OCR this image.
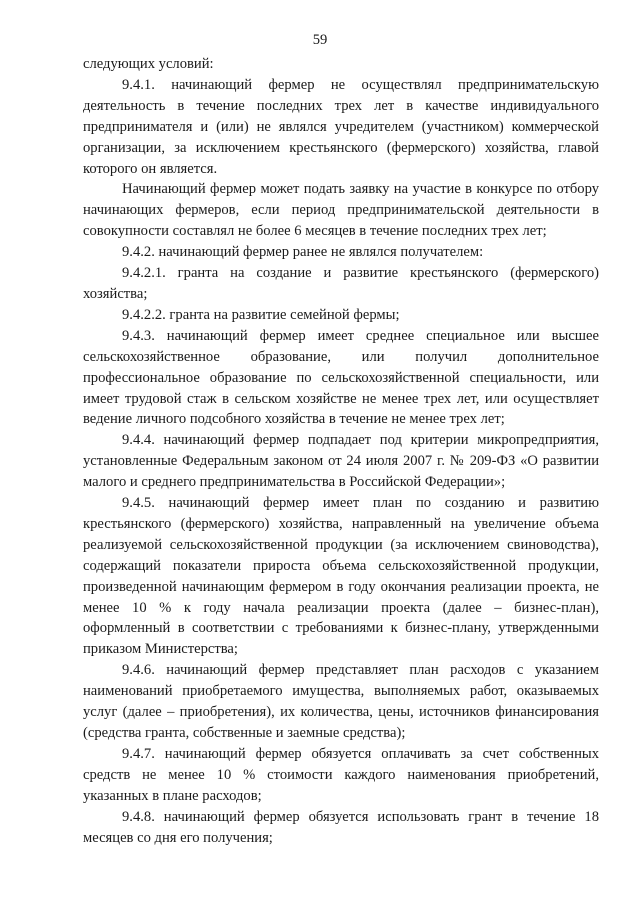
59

следующих условий:

9.4.1. начинающий фермер не осуществлял предпринимательскую деятельность в течение последних трех лет в качестве индивидуального предпринимателя и (или) не являлся учредителем (участником) коммерческой организации, за исключением крестьянского (фермерского) хозяйства, главой которого он является.

Начинающий фермер может подать заявку на участие в конкурсе по отбору начинающих фермеров, если период предпринимательской деятельности в совокупности составлял не более 6 месяцев в течение последних трех лет;

9.4.2. начинающий фермер ранее не являлся получателем:

9.4.2.1. гранта на создание и развитие крестьянского (фермерского) хозяйства;

9.4.2.2. гранта на развитие семейной фермы;

9.4.3. начинающий фермер имеет среднее специальное или высшее сельскохозяйственное образование, или получил дополнительное профессиональное образование по сельскохозяйственной специальности, или имеет трудовой стаж в сельском хозяйстве не менее трех лет, или осуществляет ведение личного подсобного хозяйства в течение не менее трех лет;

9.4.4. начинающий фермер подпадает под критерии микропредприятия, установленные Федеральным законом от 24 июля 2007 г. № 209-ФЗ «О развитии малого и среднего предпринимательства в Российской Федерации»;

9.4.5. начинающий фермер имеет план по созданию и развитию крестьянского (фермерского) хозяйства, направленный на увеличение объема реализуемой сельскохозяйственной продукции (за исключением свиноводства), содержащий показатели прироста объема сельскохозяйственной продукции, произведенной начинающим фермером в году окончания реализации проекта, не менее 10 % к году начала реализации проекта (далее – бизнес-план), оформленный в соответствии с требованиями к бизнес-плану, утвержденными приказом Министерства;

9.4.6. начинающий фермер представляет план расходов с указанием наименований приобретаемого имущества, выполняемых работ, оказываемых услуг (далее – приобретения), их количества, цены, источников финансирования (средства гранта, собственные и заемные средства);

9.4.7. начинающий фермер обязуется оплачивать за счет собственных средств не менее 10 % стоимости каждого наименования приобретений, указанных в плане расходов;

9.4.8. начинающий фермер обязуется использовать грант в течение 18 месяцев со дня его получения;
